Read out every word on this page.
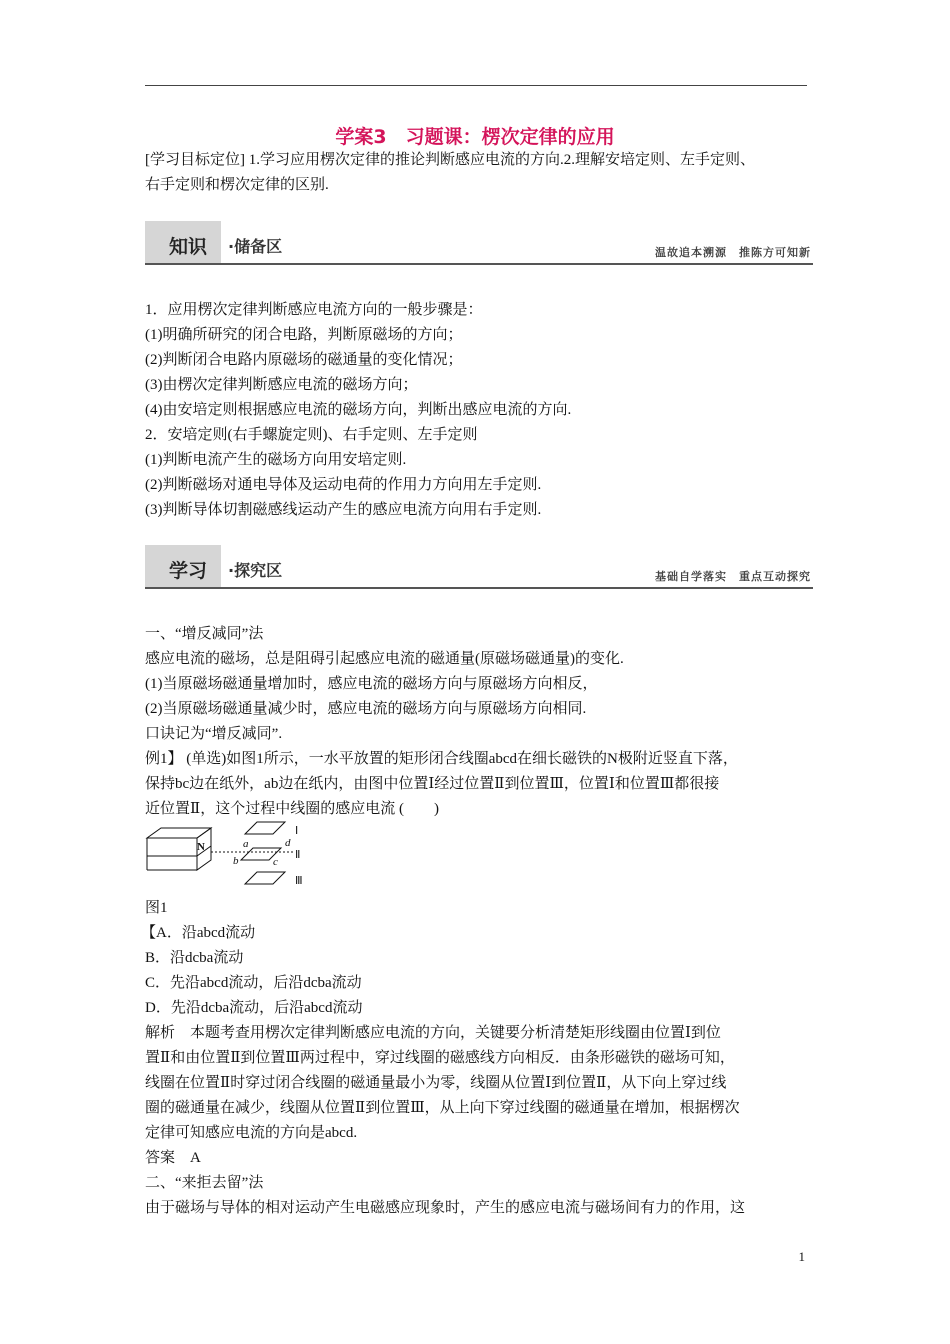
学案3　习题课：楞次定律的应用
[学习目标定位] 1.学习应用楞次定律的推论判断感应电流的方向.2.理解安培定则、左手定则、
右手定则和楞次定律的区别.
知识 ·储备区	温故追本溯源　推陈方可知新
1．应用楞次定律判断感应电流方向的一般步骤是：
(1)明确所研究的闭合电路，判断原磁场的方向；
(2)判断闭合电路内原磁场的磁通量的变化情况；
(3)由楞次定律判断感应电流的磁场方向；
(4)由安培定则根据感应电流的磁场方向，判断出感应电流的方向.
2．安培定则(右手螺旋定则)、右手定则、左手定则
(1)判断电流产生的磁场方向用安培定则.
(2)判断磁场对通电导体及运动电荷的作用力方向用左手定则.
(3)判断导体切割磁感线运动产生的感应电流方向用右手定则.
学习 ·探究区	基础自学落实　重点互动探究
一、“增反减同”法
感应电流的磁场，总是阻碍引起感应电流的磁通量(原磁场磁通量)的变化.
(1)当原磁场磁通量增加时，感应电流的磁场方向与原磁场方向相反，
(2)当原磁场磁通量减少时，感应电流的磁场方向与原磁场方向相同.
口诀记为“增反减同”.
例1】 (单选)如图1所示，一水平放置的矩形闭合线圈abcd在细长磁铁的N极附近竖直下落，
保持bc边在纸外，ab边在纸内，由图中位置Ⅰ经过位置Ⅱ到位置Ⅲ，位置Ⅰ和位置Ⅲ都很接
近位置Ⅱ，这个过程中线圈的感应电流 (　　)
N	a
b	c
d
Ⅰ
Ⅱ
Ⅲ
图1
【A．沿abcd流动
B．沿dcba流动
C．先沿abcd流动，后沿dcba流动
D．先沿dcba流动，后沿abcd流动
解析　本题考查用楞次定律判断感应电流的方向，关键要分析清楚矩形线圈由位置Ⅰ到位
置Ⅱ和由位置Ⅱ到位置Ⅲ两过程中，穿过线圈的磁感线方向相反．由条形磁铁的磁场可知，
线圈在位置Ⅱ时穿过闭合线圈的磁通量最小为零，线圈从位置Ⅰ到位置Ⅱ，从下向上穿过线
圈的磁通量在减少，线圈从位置Ⅱ到位置Ⅲ，从上向下穿过线圈的磁通量在增加，根据楞次
定律可知感应电流的方向是abcd.
答案　A
二、“来拒去留”法
由于磁场与导体的相对运动产生电磁感应现象时，产生的感应电流与磁场间有力的作用，这
1
